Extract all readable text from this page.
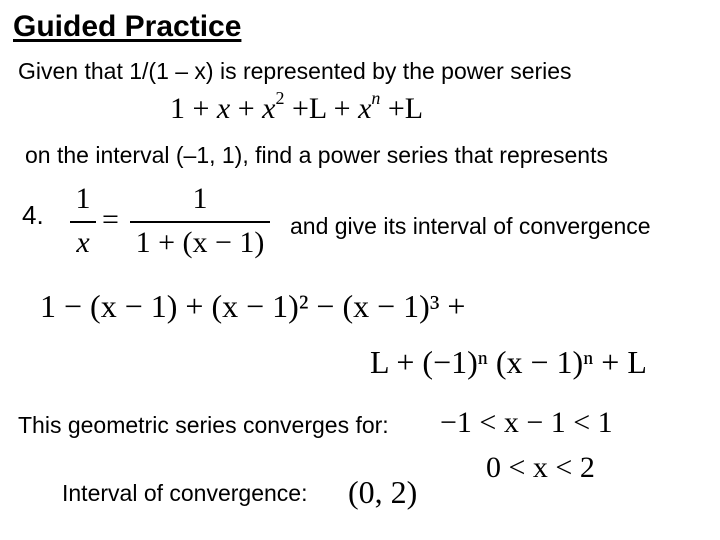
Guided Practice
Given that 1/(1 – x) is represented by the power series
$1 + x + x^2 +L + x^n +L$
on the interval (–1, 1), find a power series that represents
4. 1
x
=
1
1 + (x − 1)	and give its interval of convergence
1 − (x − 1) + (x − 1)² − (x − 1)³ +
L + (−1)ⁿ (x − 1)ⁿ + L
This geometric series converges for: −1 < x − 1 < 1
0 < x < 2
Interval of convergence: (0, 2)
